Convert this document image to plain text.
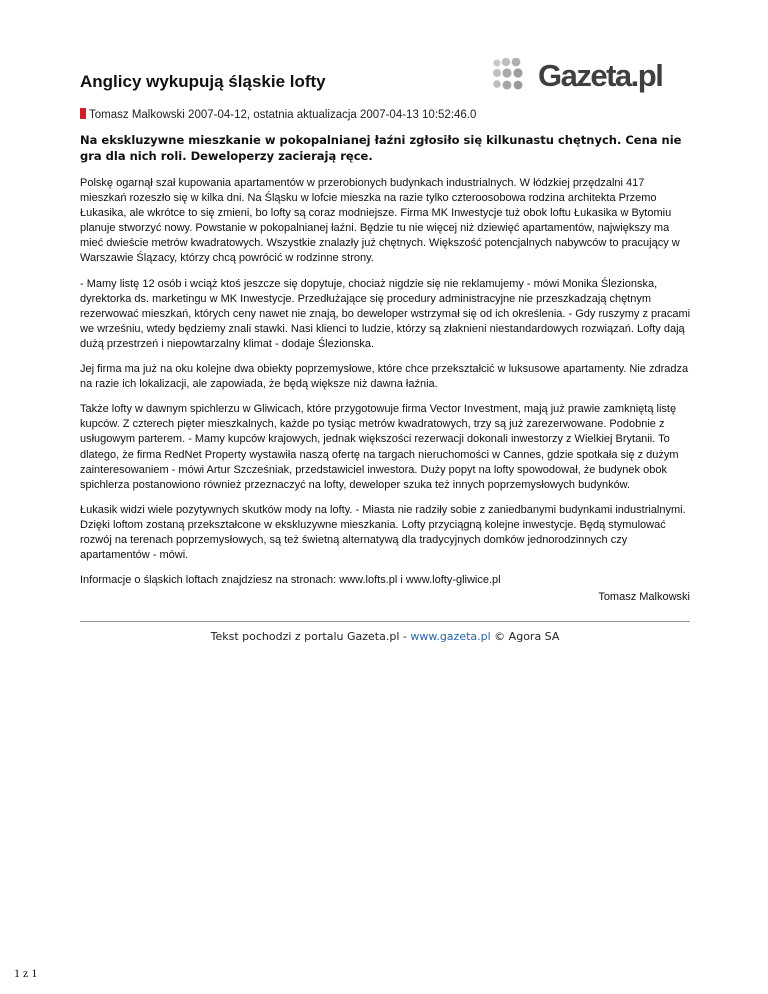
Anglicy wykupują śląskie lofty	Gazeta.pl
Tomasz Malkowski 2007-04-12, ostatnia aktualizacja 2007-04-13 10:52:46.0

Na ekskluzywne mieszkanie w pokopalnianej łaźni zgłosiło się kilkunastu chętnych. Cena nie gra dla nich roli. Deweloperzy zacierają ręce.

Polskę ogarnął szał kupowania apartamentów w przerobionych budynkach industrialnych. W łódzkiej przędzalni 417 mieszkań rozeszło się w kilka dni. Na Śląsku w lofcie mieszka na razie tylko czteroosobowa rodzina architekta Przemo Łukasika, ale wkrótce to się zmieni, bo lofty są coraz modniejsze. Firma MK Inwestycje tuż obok loftu Łukasika w Bytomiu planuje stworzyć nowy. Powstanie w pokopalnianej łaźni. Będzie tu nie więcej niż dziewięć apartamentów, największy ma mieć dwieście metrów kwadratowych. Wszystkie znalazły już chętnych. Większość potencjalnych nabywców to pracujący w Warszawie Ślązacy, którzy chcą powrócić w rodzinne strony.

- Mamy listę 12 osób i wciąż ktoś jeszcze się dopytuje, chociaż nigdzie się nie reklamujemy - mówi Monika Ślezionska, dyrektorka ds. marketingu w MK Inwestycje. Przedłużające się procedury administracyjne nie przeszkadzają chętnym rezerwować mieszkań, których ceny nawet nie znają, bo deweloper wstrzymał się od ich określenia. - Gdy ruszymy z pracami we wrześniu, wtedy będziemy znali stawki. Nasi klienci to ludzie, którzy są złaknieni niestandardowych rozwiązań. Lofty dają dużą przestrzeń i niepowtarzalny klimat - dodaje Ślezionska.

Jej firma ma już na oku kolejne dwa obiekty poprzemysłowe, które chce przekształcić w luksusowe apartamenty. Nie zdradza na razie ich lokalizacji, ale zapowiada, że będą większe niż dawna łaźnia.

Także lofty w dawnym spichlerzu w Gliwicach, które przygotowuje firma Vector Investment, mają już prawie zamkniętą listę kupców. Z czterech pięter mieszkalnych, każde po tysiąc metrów kwadratowych, trzy są już zarezerwowane. Podobnie z usługowym parterem. - Mamy kupców krajowych, jednak większości rezerwacji dokonali inwestorzy z Wielkiej Brytanii. To dlatego, że firma RedNet Property wystawiła naszą ofertę na targach nieruchomości w Cannes, gdzie spotkała się z dużym zainteresowaniem - mówi Artur Szcześniak, przedstawiciel inwestora. Duży popyt na lofty spowodował, że budynek obok spichlerza postanowiono również przeznaczyć na lofty, deweloper szuka też innych poprzemysłowych budynków.

Łukasik widzi wiele pozytywnych skutków mody na lofty. - Miasta nie radziły sobie z zaniedbanymi budynkami industrialnymi. Dzięki loftom zostaną przekształcone w ekskluzywne mieszkania. Lofty przyciągną kolejne inwestycje. Będą stymulować rozwój na terenach poprzemysłowych, są też świetną alternatywą dla tradycyjnych domków jednorodzinnych czy apartamentów - mówi.

Informacje o śląskich loftach znajdziesz na stronach: www.lofts.pl i www.lofty-gliwice.pl

Tomasz Malkowski
Tekst pochodzi z portalu Gazeta.pl - www.gazeta.pl © Agora SA
1 z 1
